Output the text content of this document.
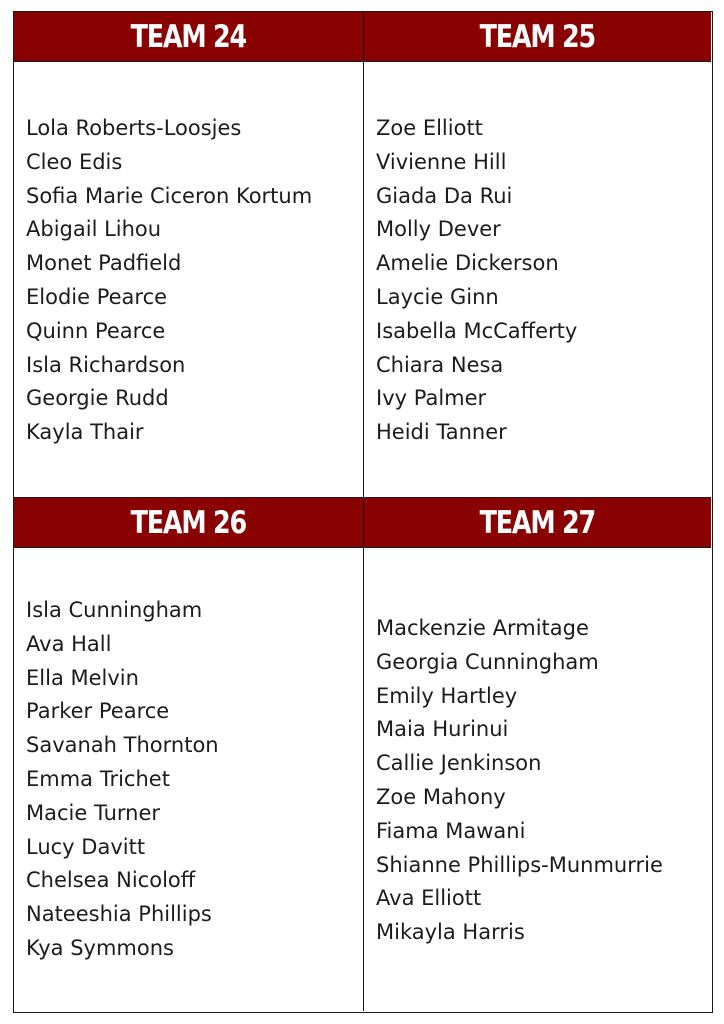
TEAM 24
Lola Roberts-Loosjes
Cleo Edis
Sofia Marie Ciceron Kortum
Abigail Lihou
Monet Padfield
Elodie Pearce
Quinn Pearce
Isla Richardson
Georgie Rudd
Kayla Thair
TEAM 25
Zoe Elliott
Vivienne Hill
Giada Da Rui
Molly Dever
Amelie Dickerson
Laycie Ginn
Isabella McCafferty
Chiara Nesa
Ivy Palmer
Heidi Tanner
TEAM 26
Isla Cunningham
Ava Hall
Ella Melvin
Parker Pearce
Savanah Thornton
Emma Trichet
Macie Turner
Lucy Davitt
Chelsea Nicoloff
Nateeshia Phillips
Kya Symmons
TEAM 27
Mackenzie Armitage
Georgia Cunningham
Emily Hartley
Maia Hurinui
Callie Jenkinson
Zoe Mahony
Fiama Mawani
Shianne Phillips-Munmurrie
Ava Elliott
Mikayla Harris
